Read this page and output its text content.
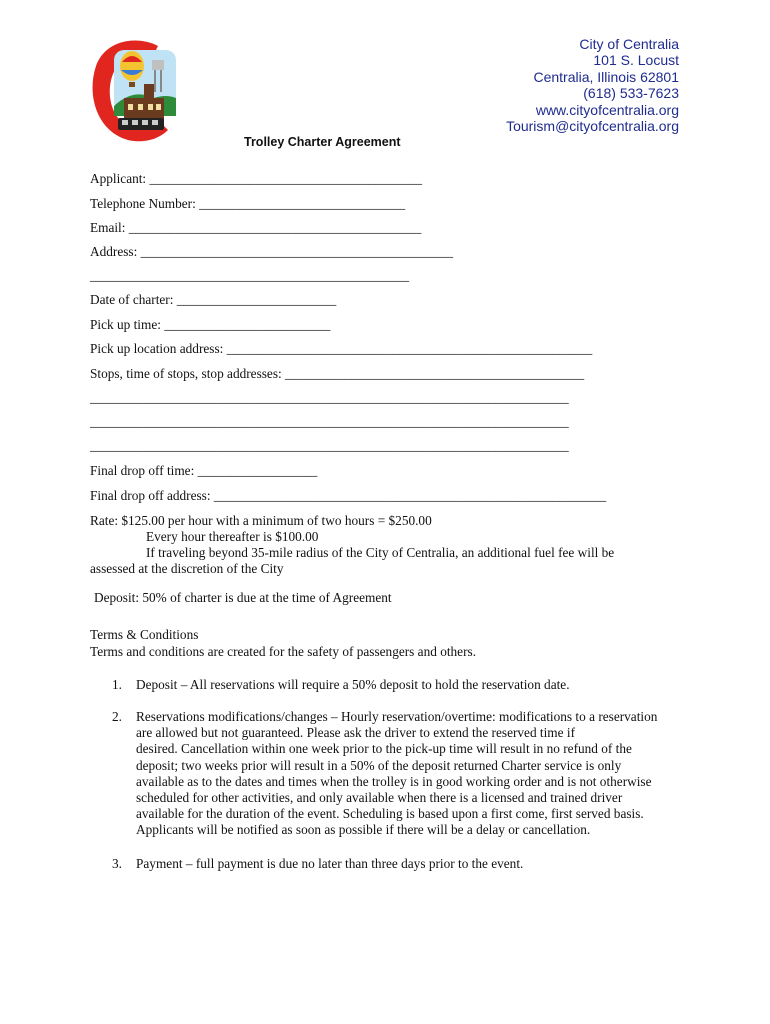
City of Centralia
101 S. Locust
Centralia, Illinois 62801
(618) 533-7623
www.cityofcentralia.org
Tourism@cityofcentralia.org
Trolley Charter Agreement
Applicant: _________________________________________
Telephone Number: _______________________________
Email: ____________________________________________
Address: _______________________________________________
________________________________________________
Date of charter: ________________________
Pick up time: _________________________
Pick up location address: _______________________________________________________
Stops, time of stops, stop addresses: _____________________________________________
________________________________________________________________________
________________________________________________________________________
________________________________________________________________________
Final drop off time: __________________
Final drop off address: ___________________________________________________________
Rate: $125.00 per hour with a minimum of two hours = $250.00
Every hour thereafter is $100.00
If traveling beyond 35-mile radius of the City of Centralia, an additional fuel fee will be
assessed at the discretion of the City
Deposit: 50% of charter is due at the time of Agreement
Terms & Conditions
Terms and conditions are created for the safety of passengers and others.
1. Deposit – All reservations will require a 50% deposit to hold the reservation date.
2. Reservations modifications/changes – Hourly reservation/overtime: modifications to a reservation
are allowed but not guaranteed. Please ask the driver to extend the reserved time if
desired. Cancellation within one week prior to the pick-up time will result in no refund of the
deposit; two weeks prior will result in a 50% of the deposit returned Charter service is only
available as to the dates and times when the trolley is in good working order and is not otherwise
scheduled for other activities, and only available when there is a licensed and trained driver
available for the duration of the event. Scheduling is based upon a first come, first served basis.
Applicants will be notified as soon as possible if there will be a delay or cancellation.
3. Payment – full payment is due no later than three days prior to the event.
